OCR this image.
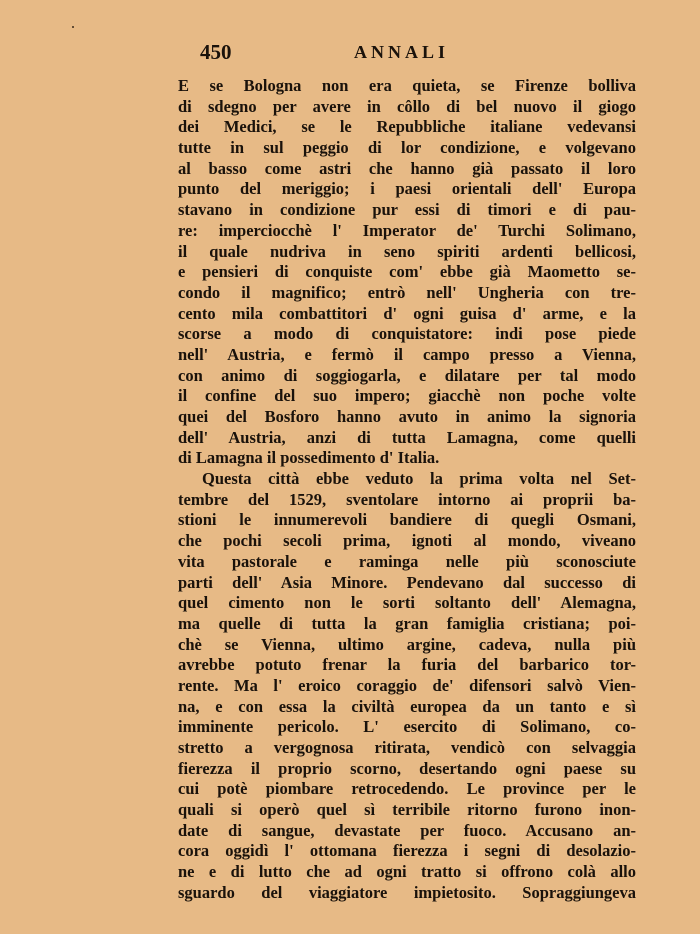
450	ANNALI
E se Bologna non era quieta, se Firenze bolliva
di sdegno per avere in côllo di bel nuovo il giogo
dei Medici, se le Repubbliche italiane vedevansi
tutte in sul peggio di lor condizione, e volgevano
al basso come astri che hanno già passato il loro
punto del meriggio; i paesi orientali dell' Europa
stavano in condizione pur essi di timori e di pau-
re: imperciocchè l' Imperator de' Turchi Solimano,
il quale nudriva in seno spiriti ardenti bellicosi,
e pensieri di conquiste com' ebbe già Maometto se-
condo il magnifico; entrò nell' Ungheria con tre-
cento mila combattitori d' ogni guisa d' arme, e la
scorse a modo di conquistatore: indi pose piede
nell' Austria, e fermò il campo presso a Vienna,
con animo di soggiogarla, e dilatare per tal modo
il confine del suo impero; giacchè non poche volte
quei del Bosforo hanno avuto in animo la signoria
dell' Austria, anzi di tutta Lamagna, come quelli
di Lamagna il possedimento d' Italia.
Questa città ebbe veduto la prima volta nel Set-
tembre del 1529, sventolare intorno ai proprii ba-
stioni le innumerevoli bandiere di quegli Osmani,
che pochi secoli prima, ignoti al mondo, viveano
vita pastorale e raminga nelle più sconosciute
parti dell' Asia Minore. Pendevano dal successo di
quel cimento non le sorti soltanto dell' Alemagna,
ma quelle di tutta la gran famiglia cristiana; poi-
chè se Vienna, ultimo argine, cadeva, nulla più
avrebbe potuto frenar la furia del barbarico tor-
rente. Ma l' eroico coraggio de' difensori salvò Vien-
na, e con essa la civiltà europea da un tanto e sì
imminente pericolo. L' esercito di Solimano, co-
stretto a vergognosa ritirata, vendicò con selvaggia
fierezza il proprio scorno, desertando ogni paese su
cui potè piombare retrocedendo. Le province per le
quali si operò quel sì terribile ritorno furono inon-
date di sangue, devastate per fuoco. Accusano an-
cora oggidì l' ottomana fierezza i segni di desolazio-
ne e di lutto che ad ogni tratto si offrono colà allo
sguardo del viaggiatore impietosito. Sopraggiungeva
